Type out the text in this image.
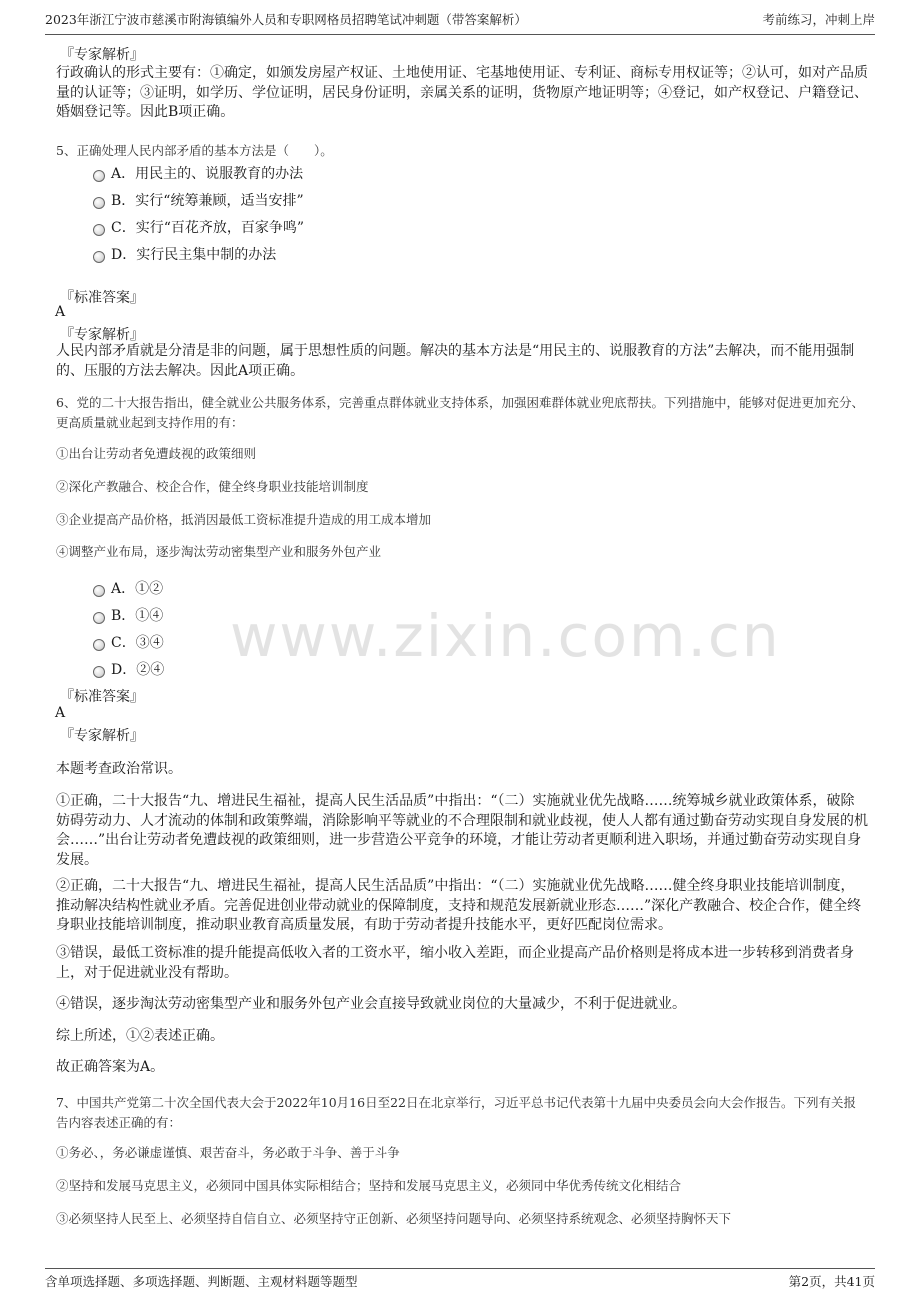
www.zixin.com.cn
2023年浙江宁波市慈溪市附海镇编外人员和专职网格员招聘笔试冲刺题（带答案解析）	考前练习，冲刺上岸
『专家解析』
行政确认的形式主要有：①确定，如颁发房屋产权证、土地使用证、宅基地使用证、专利证、商标专用权证等；②认可，如对产品质量的认证等；③证明，如学历、学位证明，居民身份证明，亲属关系的证明，货物原产地证明等；④登记，如产权登记、户籍登记、婚姻登记等。因此B项正确。
5、正确处理人民内部矛盾的基本方法是（　　）。
A．用民主的、说服教育的办法
B．实行“统筹兼顾，适当安排”
C．实行“百花齐放，百家争鸣”
D．实行民主集中制的办法
『标准答案』
A
『专家解析』
人民内部矛盾就是分清是非的问题，属于思想性质的问题。解决的基本方法是“用民主的、说服教育的方法”去解决，而不能用强制的、压服的方法去解决。因此A项正确。
6、党的二十大报告指出，健全就业公共服务体系，完善重点群体就业支持体系，加强困难群体就业兜底帮扶。下列措施中，能够对促进更加充分、更高质量就业起到支持作用的有：
①出台让劳动者免遭歧视的政策细则
②深化产教融合、校企合作，健全终身职业技能培训制度
③企业提高产品价格，抵消因最低工资标准提升造成的用工成本增加
④调整产业布局，逐步淘汰劳动密集型产业和服务外包产业
A．①②
B．①④
C．③④
D．②④
『标准答案』
A
『专家解析』
本题考查政治常识。
①正确，二十大报告“九、增进民生福祉，提高人民生活品质”中指出：“（二）实施就业优先战略……统筹城乡就业政策体系，破除妨碍劳动力、人才流动的体制和政策弊端，消除影响平等就业的不合理限制和就业歧视，使人人都有通过勤奋劳动实现自身发展的机会……”出台让劳动者免遭歧视的政策细则，进一步营造公平竞争的环境，才能让劳动者更顺利进入职场，并通过勤奋劳动实现自身发展。
②正确，二十大报告“九、增进民生福祉，提高人民生活品质”中指出：“（二）实施就业优先战略……健全终身职业技能培训制度，推动解决结构性就业矛盾。完善促进创业带动就业的保障制度，支持和规范发展新就业形态……”深化产教融合、校企合作，健全终身职业技能培训制度，推动职业教育高质量发展，有助于劳动者提升技能水平，更好匹配岗位需求。
③错误，最低工资标准的提升能提高低收入者的工资水平，缩小收入差距，而企业提高产品价格则是将成本进一步转移到消费者身上，对于促进就业没有帮助。
④错误，逐步淘汰劳动密集型产业和服务外包产业会直接导致就业岗位的大量减少，不利于促进就业。
综上所述，①②表述正确。
故正确答案为A。
7、中国共产党第二十次全国代表大会于2022年10月16日至22日在北京举行，习近平总书记代表第十九届中央委员会向大会作报告。下列有关报告内容表述正确的有：
①务必、，务必谦虚谨慎、艰苦奋斗，务必敢于斗争、善于斗争
②坚持和发展马克思主义，必须同中国具体实际相结合；坚持和发展马克思主义，必须同中华优秀传统文化相结合
③必须坚持人民至上、必须坚持自信自立、必须坚持守正创新、必须坚持问题导向、必须坚持系统观念、必须坚持胸怀天下
含单项选择题、多项选择题、判断题、主观材料题等题型	第2页，共41页
